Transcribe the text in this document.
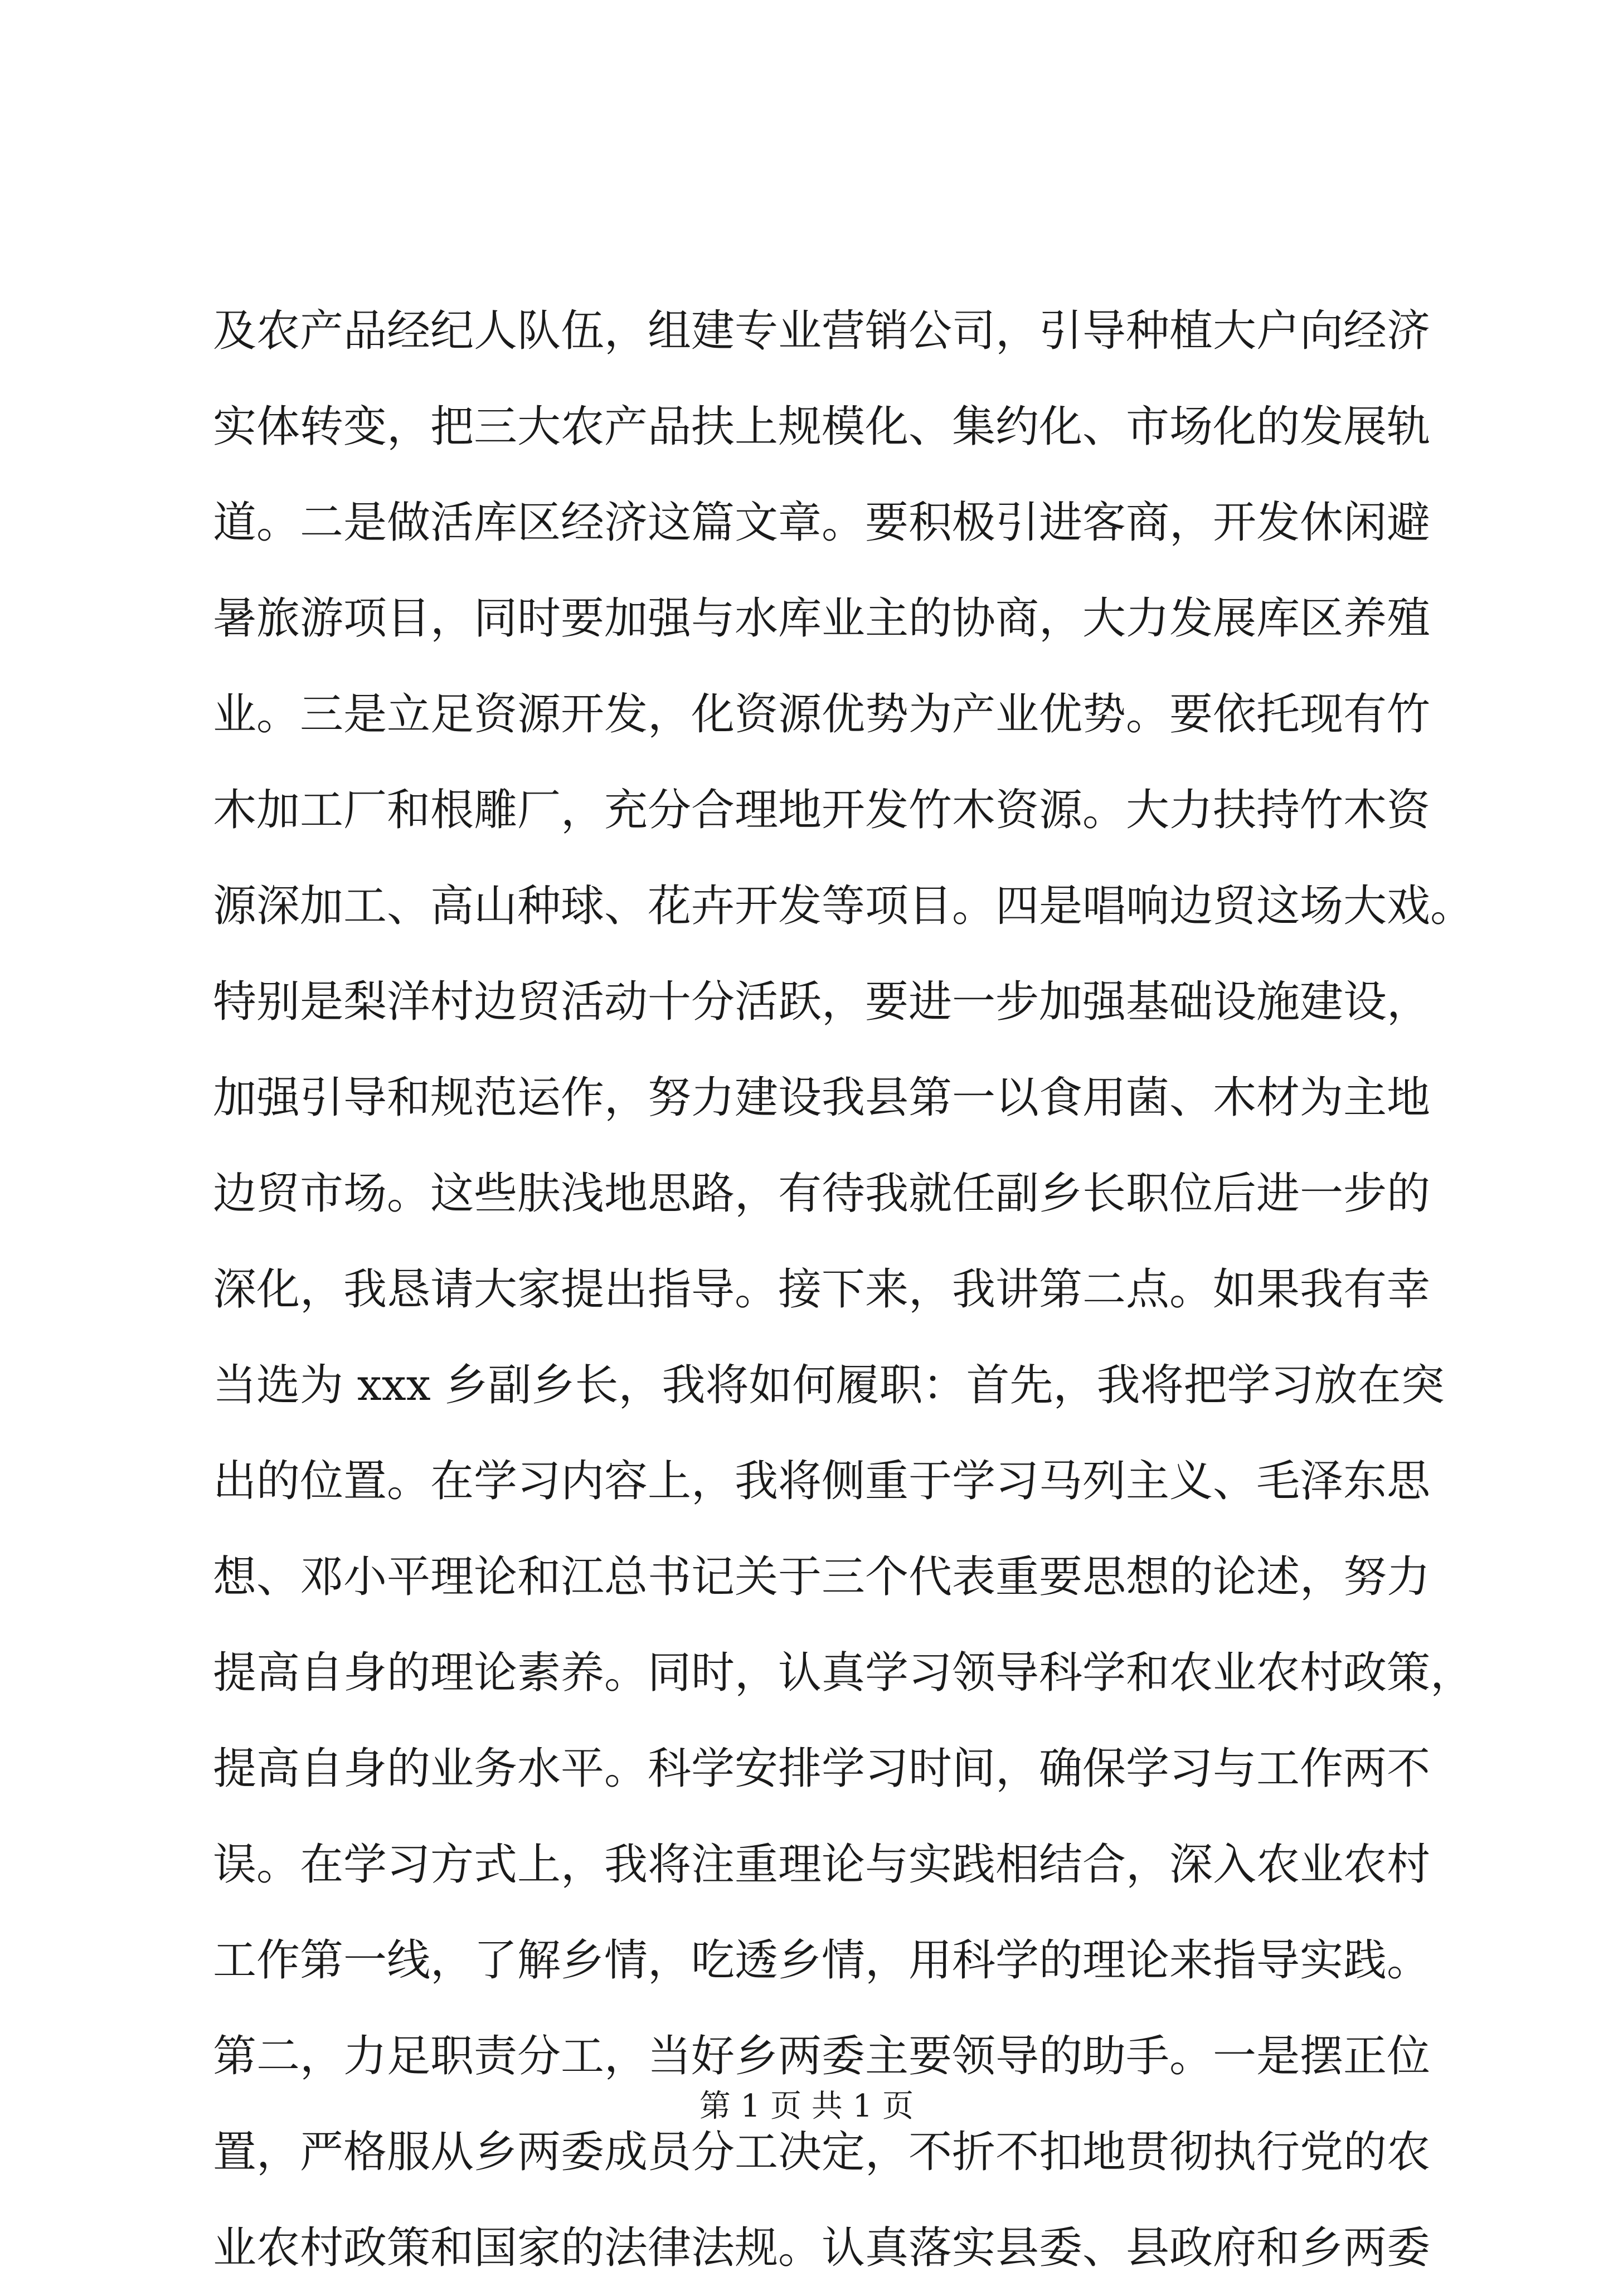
及农产品经纪人队伍，组建专业营销公司，引导种植大户向经济
实体转变，把三大农产品扶上规模化、集约化、市场化的发展轨
道。二是做活库区经济这篇文章。要积极引进客商，开发休闲避
暑旅游项目，同时要加强与水库业主的协商，大力发展库区养殖
业。三是立足资源开发，化资源优势为产业优势。要依托现有竹
木加工厂和根雕厂，充分合理地开发竹木资源。大力扶持竹木资
源深加工、高山种球、花卉开发等项目。四是唱响边贸这场大戏。
特别是梨洋村边贸活动十分活跃，要进一步加强基础设施建设，
加强引导和规范运作，努力建设我县第一以食用菌、木材为主地
边贸市场。这些肤浅地思路，有待我就任副乡长职位后进一步的
深化，我恳请大家提出指导。接下来，我讲第二点。如果我有幸
当选为 xxx 乡副乡长，我将如何履职：首先，我将把学习放在突
出的位置。在学习内容上，我将侧重于学习马列主义、毛泽东思
想、邓小平理论和江总书记关于三个代表重要思想的论述，努力
提高自身的理论素养。同时，认真学习领导科学和农业农村政策，
提高自身的业务水平。科学安排学习时间，确保学习与工作两不
误。在学习方式上，我将注重理论与实践相结合，深入农业农村
工作第一线，了解乡情，吃透乡情，用科学的理论来指导实践。
第二，力足职责分工，当好乡两委主要领导的助手。一是摆正位
置，严格服从乡两委成员分工决定，不折不扣地贯彻执行党的农
业农村政策和国家的法律法规。认真落实县委、县政府和乡两委
第 1 页 共 1 页
